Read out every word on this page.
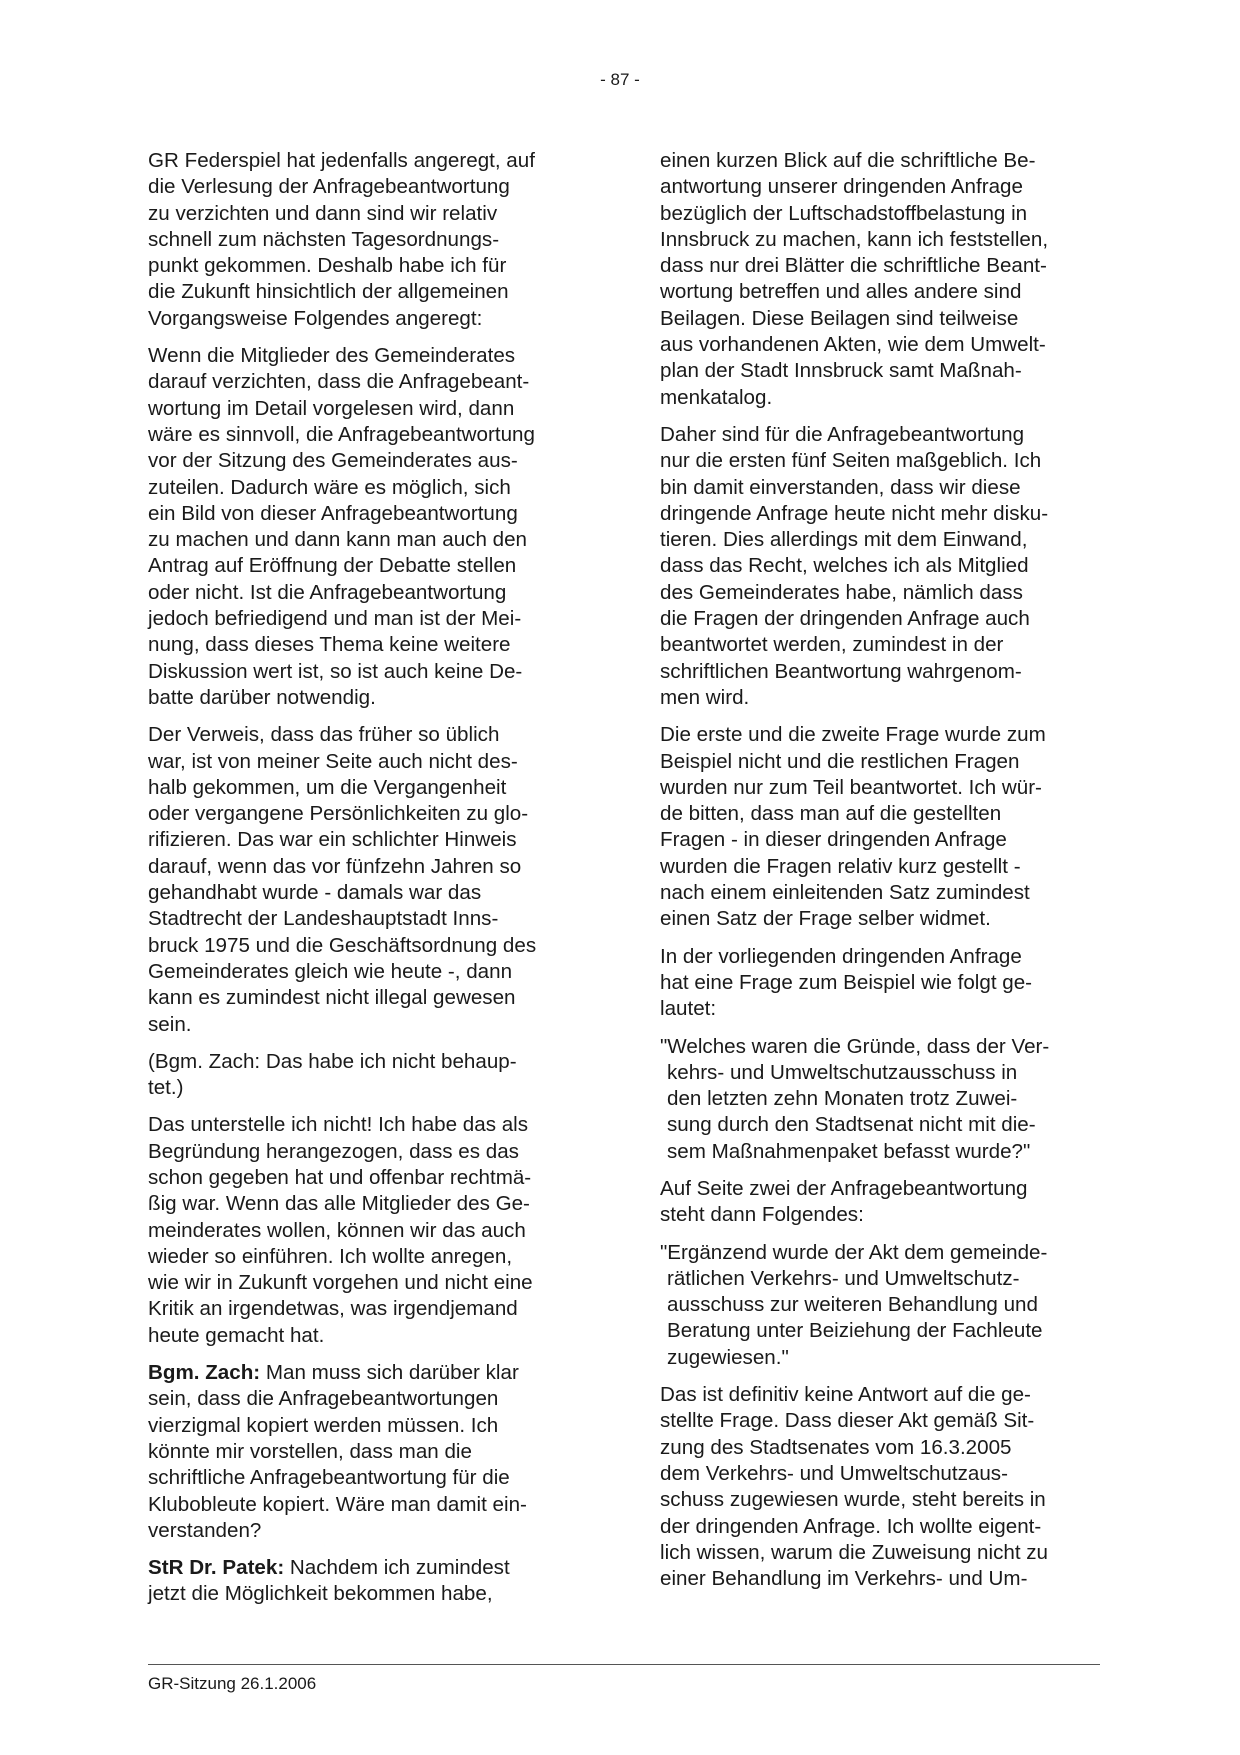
- 87 -

GR Federspiel hat jedenfalls angeregt, auf
die Verlesung der Anfragebeantwortung
zu verzichten und dann sind wir relativ
schnell zum nächsten Tagesordnungs-
punkt gekommen. Deshalb habe ich für
die Zukunft hinsichtlich der allgemeinen
Vorgangsweise Folgendes angeregt:

Wenn die Mitglieder des Gemeinderates
darauf verzichten, dass die Anfragebeant-
wortung im Detail vorgelesen wird, dann
wäre es sinnvoll, die Anfragebeantwortung
vor der Sitzung des Gemeinderates aus-
zuteilen. Dadurch wäre es möglich, sich
ein Bild von dieser Anfragebeantwortung
zu machen und dann kann man auch den
Antrag auf Eröffnung der Debatte stellen
oder nicht. Ist die Anfragebeantwortung
jedoch befriedigend und man ist der Mei-
nung, dass dieses Thema keine weitere
Diskussion wert ist, so ist auch keine De-
batte darüber notwendig.

Der Verweis, dass das früher so üblich
war, ist von meiner Seite auch nicht des-
halb gekommen, um die Vergangenheit
oder vergangene Persönlichkeiten zu glo-
rifizieren. Das war ein schlichter Hinweis
darauf, wenn das vor fünfzehn Jahren so
gehandhabt wurde - damals war das
Stadtrecht der Landeshauptstadt Inns-
bruck 1975 und die Geschäftsordnung des
Gemeinderates gleich wie heute -, dann
kann es zumindest nicht illegal gewesen
sein.

(Bgm. Zach: Das habe ich nicht behaup-
tet.)

Das unterstelle ich nicht! Ich habe das als
Begründung herangezogen, dass es das
schon gegeben hat und offenbar rechtmä-
ßig war. Wenn das alle Mitglieder des Ge-
meinderates wollen, können wir das auch
wieder so einführen. Ich wollte anregen,
wie wir in Zukunft vorgehen und nicht eine
Kritik an irgendetwas, was irgendjemand
heute gemacht hat.

Bgm. Zach: Man muss sich darüber klar
sein, dass die Anfragebeantwortungen
vierzigmal kopiert werden müssen. Ich
könnte mir vorstellen, dass man die
schriftliche Anfragebeantwortung für die
Klubobleute kopiert. Wäre man damit ein-
verstanden?

StR Dr. Patek: Nachdem ich zumindest
jetzt die Möglichkeit bekommen habe,

einen kurzen Blick auf die schriftliche Be-
antwortung unserer dringenden Anfrage
bezüglich der Luftschadstoffbelastung in
Innsbruck zu machen, kann ich feststellen,
dass nur drei Blätter die schriftliche Beant-
wortung betreffen und alles andere sind
Beilagen. Diese Beilagen sind teilweise
aus vorhandenen Akten, wie dem Umwelt-
plan der Stadt Innsbruck samt Maßnah-
menkatalog.

Daher sind für die Anfragebeantwortung
nur die ersten fünf Seiten maßgeblich. Ich
bin damit einverstanden, dass wir diese
dringende Anfrage heute nicht mehr disku-
tieren. Dies allerdings mit dem Einwand,
dass das Recht, welches ich als Mitglied
des Gemeinderates habe, nämlich dass
die Fragen der dringenden Anfrage auch
beantwortet werden, zumindest in der
schriftlichen Beantwortung wahrgenom-
men wird.

Die erste und die zweite Frage wurde zum
Beispiel nicht und die restlichen Fragen
wurden nur zum Teil beantwortet. Ich wür-
de bitten, dass man auf die gestellten
Fragen - in dieser dringenden Anfrage
wurden die Fragen relativ kurz gestellt -
nach einem einleitenden Satz zumindest
einen Satz der Frage selber widmet.

In der vorliegenden dringenden Anfrage
hat eine Frage zum Beispiel wie folgt ge-
lautet:

"Welches waren die Gründe, dass der Ver-
kehrs- und Umweltschutzausschuss in
den letzten zehn Monaten trotz Zuwei-
sung durch den Stadtsenat nicht mit die-
sem Maßnahmenpaket befasst wurde?"

Auf Seite zwei der Anfragebeantwortung
steht dann Folgendes:

"Ergänzend wurde der Akt dem gemeinde-
rätlichen Verkehrs- und Umweltschutz-
ausschuss zur weiteren Behandlung und
Beratung unter Beiziehung der Fachleute
zugewiesen."

Das ist definitiv keine Antwort auf die ge-
stellte Frage. Dass dieser Akt gemäß Sit-
zung des Stadtsenates vom 16.3.2005
dem Verkehrs- und Umweltschutzaus-
schuss zugewiesen wurde, steht bereits in
der dringenden Anfrage. Ich wollte eigent-
lich wissen, warum die Zuweisung nicht zu
einer Behandlung im Verkehrs- und Um-

GR-Sitzung 26.1.2006
